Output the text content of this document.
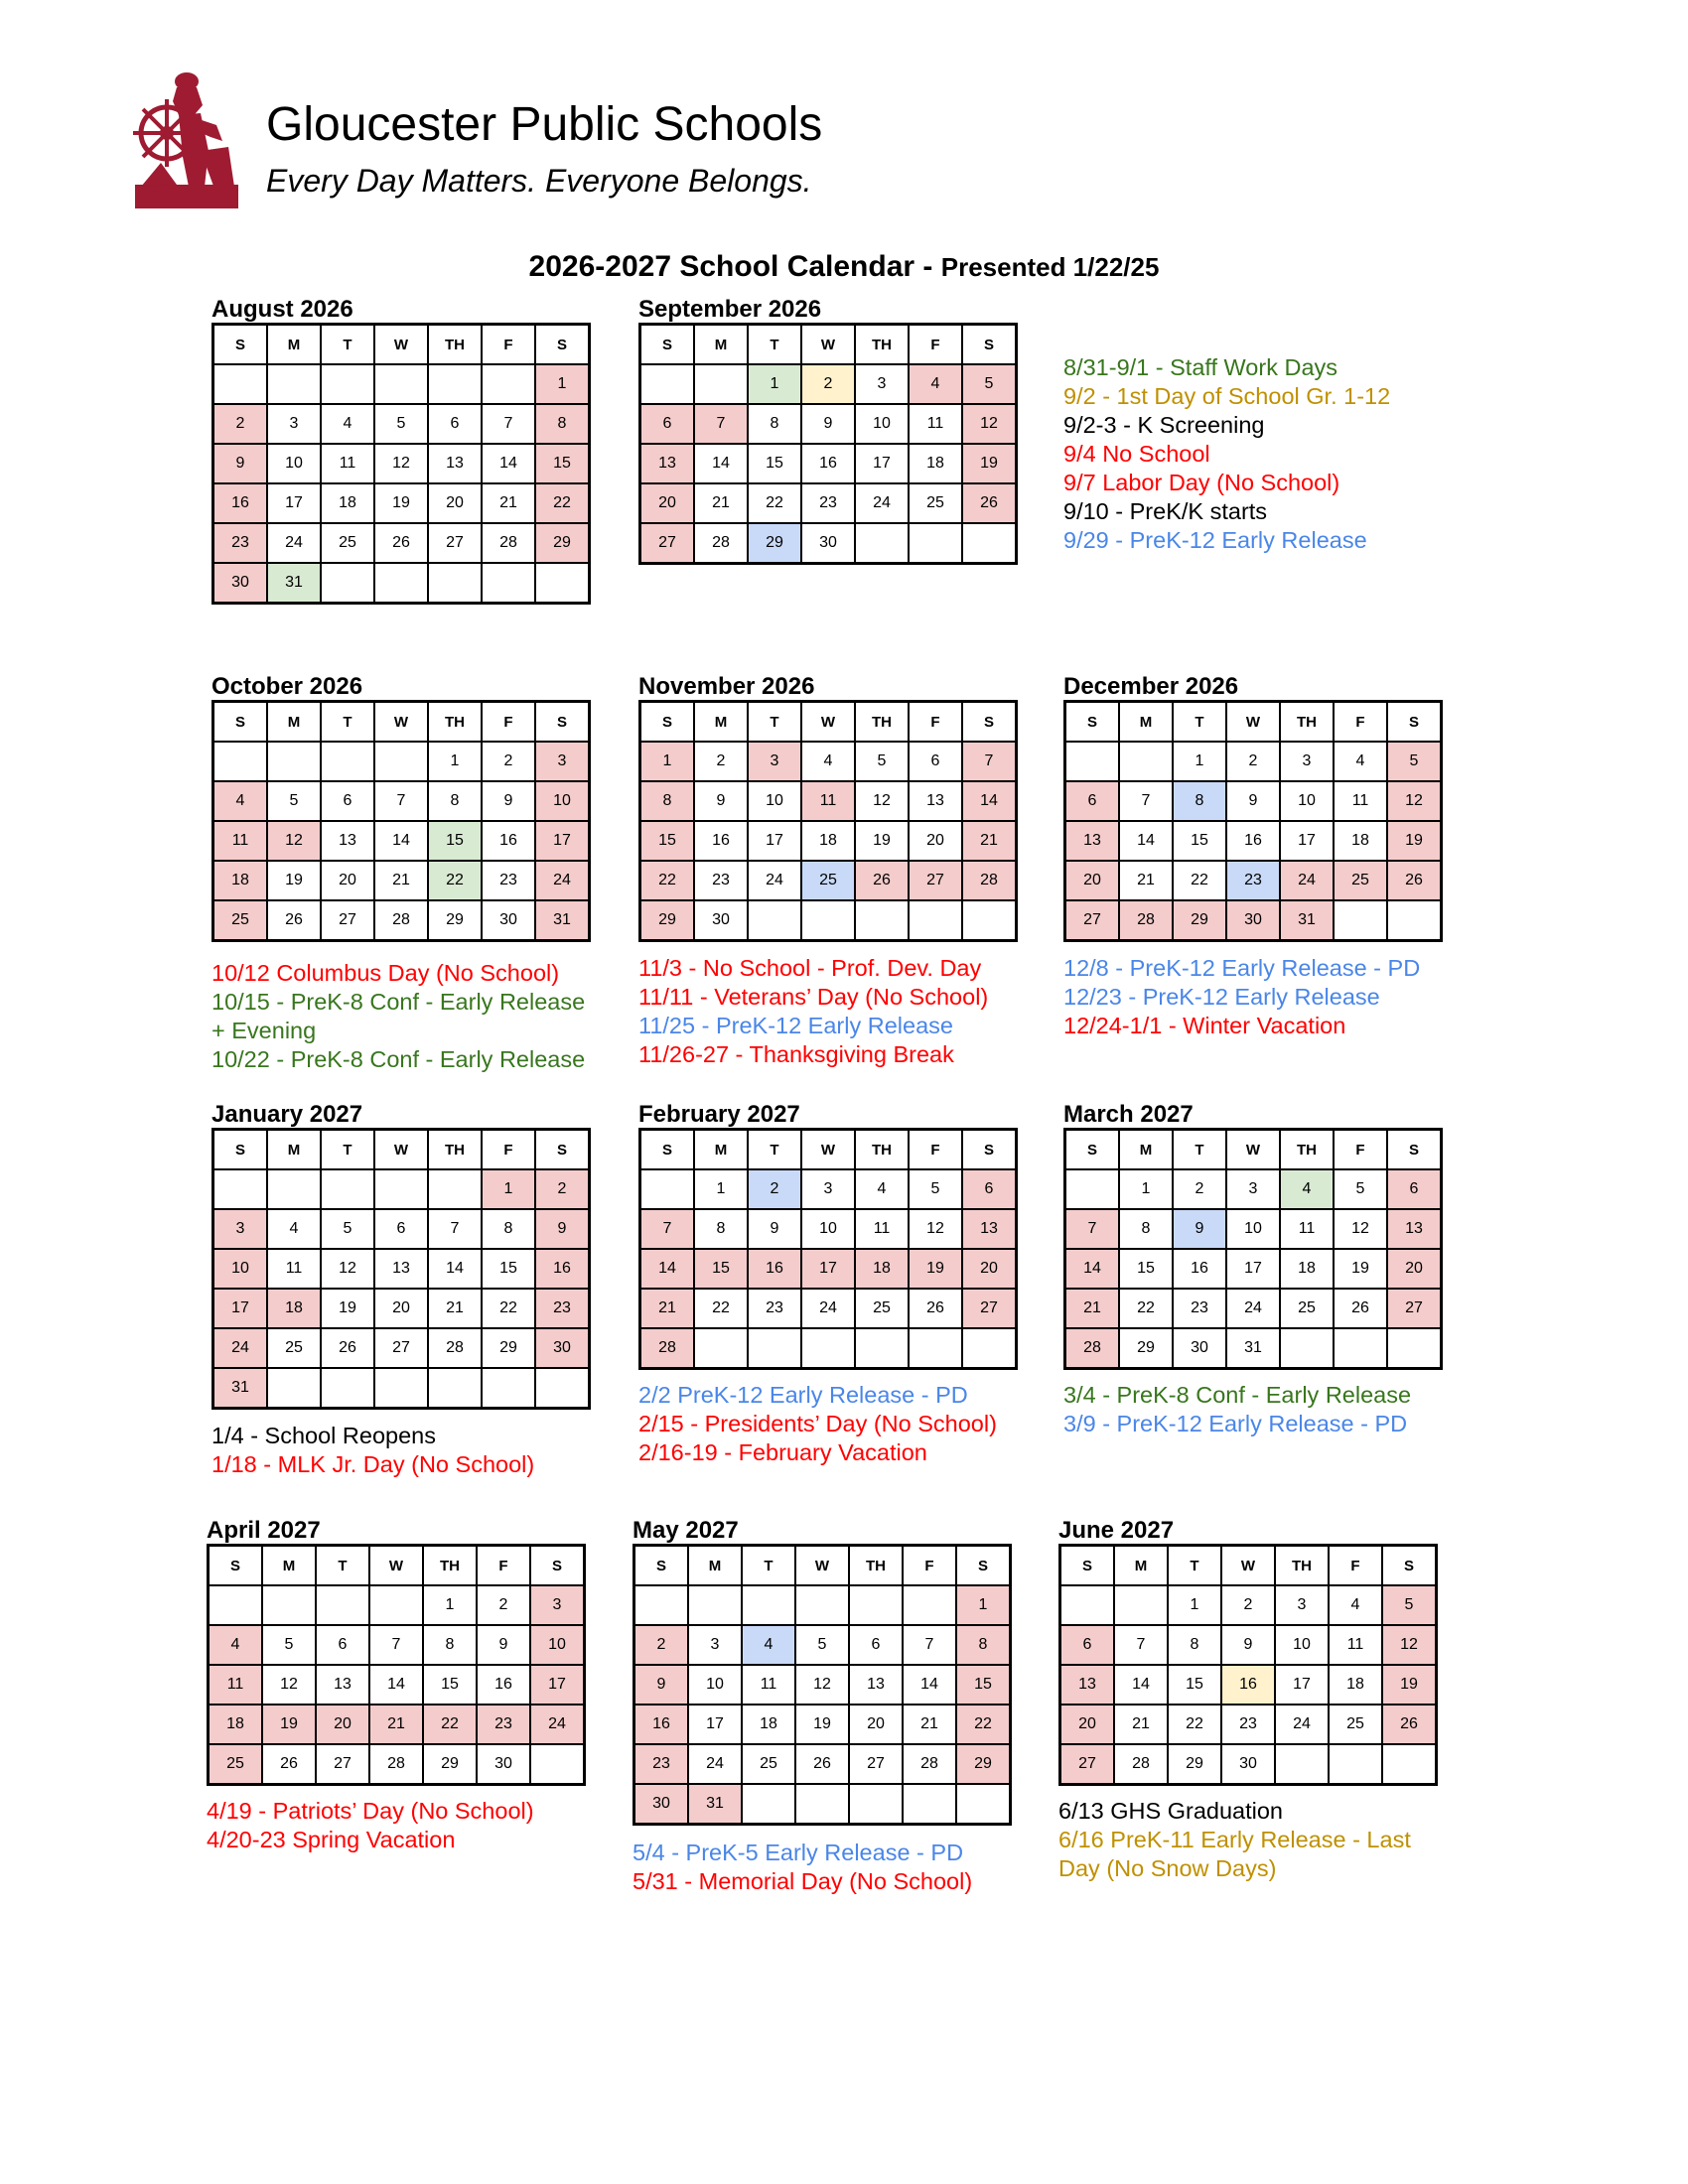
Gloucester Public Schools
Every Day Matters. Everyone Belongs.
2026-2027 School Calendar - Presented 1/22/25
August 2026
S	M	T	W	TH	F	S
						1
2	3	4	5	6	7	8
9	10	11	12	13	14	15
16	17	18	19	20	21	22
23	24	25	26	27	28	29
30	31					
September 2026
S	M	T	W	TH	F	S
		1	2	3	4	5
6	7	8	9	10	11	12
13	14	15	16	17	18	19
20	21	22	23	24	25	26
27	28	29	30			
October 2026
S	M	T	W	TH	F	S
				1	2	3
4	5	6	7	8	9	10
11	12	13	14	15	16	17
18	19	20	21	22	23	24
25	26	27	28	29	30	31
November 2026
S	M	T	W	TH	F	S
1	2	3	4	5	6	7
8	9	10	11	12	13	14
15	16	17	18	19	20	21
22	23	24	25	26	27	28
29	30					
December 2026
S	M	T	W	TH	F	S
		1	2	3	4	5
6	7	8	9	10	11	12
13	14	15	16	17	18	19
20	21	22	23	24	25	26
27	28	29	30	31		
January 2027
S	M	T	W	TH	F	S
					1	2
3	4	5	6	7	8	9
10	11	12	13	14	15	16
17	18	19	20	21	22	23
24	25	26	27	28	29	30
31						
February 2027
S	M	T	W	TH	F	S
	1	2	3	4	5	6
7	8	9	10	11	12	13
14	15	16	17	18	19	20
21	22	23	24	25	26	27
28						
March 2027
S	M	T	W	TH	F	S
	1	2	3	4	5	6
7	8	9	10	11	12	13
14	15	16	17	18	19	20
21	22	23	24	25	26	27
28	29	30	31			
April 2027
S	M	T	W	TH	F	S
				1	2	3
4	5	6	7	8	9	10
11	12	13	14	15	16	17
18	19	20	21	22	23	24
25	26	27	28	29	30	
May 2027
S	M	T	W	TH	F	S
						1
2	3	4	5	6	7	8
9	10	11	12	13	14	15
16	17	18	19	20	21	22
23	24	25	26	27	28	29
30	31					
June 2027
S	M	T	W	TH	F	S
		1	2	3	4	5
6	7	8	9	10	11	12
13	14	15	16	17	18	19
20	21	22	23	24	25	26
27	28	29	30			
8/31-9/1 - Staff Work Days
9/2 - 1st Day of School Gr. 1-12
9/2-3 - K Screening
9/4 No School
9/7 Labor Day (No School)
9/10 - PreK/K starts
9/29 - PreK-12 Early Release
10/12 Columbus Day (No School)
10/15 - PreK-8 Conf - Early Release
+ Evening
10/22 - PreK-8 Conf - Early Release
11/3 - No School - Prof. Dev. Day
11/11 - Veterans’ Day (No School)
11/25 - PreK-12 Early Release
11/26-27 - Thanksgiving Break
12/8 - PreK-12 Early Release - PD
12/23 - PreK-12 Early Release
12/24-1/1 - Winter Vacation
1/4 - School Reopens
1/18 - MLK Jr. Day (No School)
2/2 PreK-12 Early Release - PD
2/15 - Presidents’ Day (No School)
2/16-19 - February Vacation
3/4 - PreK-8 Conf - Early Release
3/9 - PreK-12 Early Release - PD
4/19 - Patriots’ Day (No School)
4/20-23 Spring Vacation	5/4 - PreK-5 Early Release - PD
5/31 - Memorial Day (No School)
6/13 GHS Graduation
6/16 PreK-11 Early Release - Last
Day (No Snow Days)
